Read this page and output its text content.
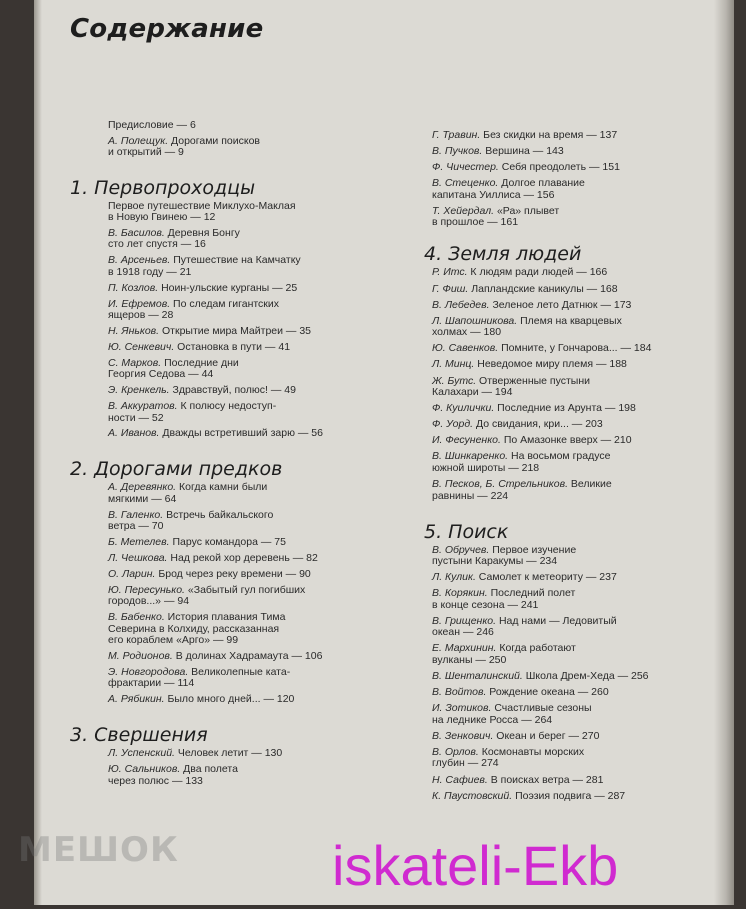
Содержание
Предисловие — 6
А. Полещук. Дорогами поисков
и открытий — 9
1. Первопроходцы
Первое путешествие Миклухо-Маклая
в Новую Гвинею — 12
В. Басилов. Деревня Бонгу
сто лет спустя — 16
В. Арсеньев. Путешествие на Камчатку
в 1918 году — 21
П. Козлов. Ноин-ульские курганы — 25
И. Ефремов. По следам гигантских
ящеров — 28
Н. Яньков. Открытие мира Майтреи — 35
Ю. Сенкевич. Остановка в пути — 41
С. Марков. Последние дни
Георгия Седова — 44
Э. Кренкель. Здравствуй, полюс! — 49
В. Аккуратов. К полюсу недоступ-
ности — 52
А. Иванов. Дважды встретивший зарю — 56
2. Дорогами предков
А. Деревянко. Когда камни были
мягкими — 64
В. Галенко. Встречь байкальского
ветра — 70
Б. Метелев. Парус командора — 75
Л. Чешкова. Над рекой хор деревень — 82
О. Ларин. Брод через реку времени — 90
Ю. Пересунько. «Забытый гул погибших
городов...» — 94
В. Бабенко. История плавания Тима
Северина в Колхиду, рассказанная
его кораблем «Арго» — 99
М. Родионов. В долинах Хадрамаута — 106
Э. Новгородова. Великолепные ката-
фрактарии — 114
А. Рябикин. Было много дней... — 120
3. Свершения
Л. Успенский. Человек летит — 130
Ю. Сальников. Два полета
через полюс — 133
Г. Травин. Без скидки на время — 137
В. Пучков. Вершина — 143
Ф. Чичестер. Себя преодолеть — 151
В. Стеценко. Долгое плавание
капитана Уиллиса — 156
Т. Хейердал. «Ра» плывет
в прошлое — 161
4. Земля людей
Р. Итс. К людям ради людей — 166
Г. Фиш. Лапландские каникулы — 168
В. Лебедев. Зеленое лето Датнюк — 173
Л. Шапошникова. Племя на кварцевых
холмах — 180
Ю. Савенков. Помните, у Гончарова... — 184
Л. Минц. Неведомое миру племя — 188
Ж. Бутс. Отверженные пустыни
Калахари — 194
Ф. Куилички. Последние из Арунта — 198
Ф. Уорд. До свидания, кри... — 203
И. Фесуненко. По Амазонке вверх — 210
В. Шинкаренко. На восьмом градусе
южной широты — 218
В. Песков, Б. Стрельников. Великие
равнины — 224
5. Поиск
В. Обручев. Первое изучение
пустыни Каракумы — 234
Л. Кулик. Самолет к метеориту — 237
В. Корякин. Последний полет
в конце сезона — 241
В. Грищенко. Над нами — Ледовитый
океан — 246
Е. Мархинин. Когда работают
вулканы — 250
В. Шенталинский. Школа Дрем-Хеда — 256
В. Войтов. Рождение океана — 260
И. Зотиков. Счастливые сезоны
на леднике Росса — 264
В. Зенкович. Океан и берег — 270
В. Орлов. Космонавты морских
глубин — 274
Н. Сафиев. В поисках ветра — 281
К. Паустовский. Поэзия подвига — 287
МЕШОК	iskateli-Ekb
